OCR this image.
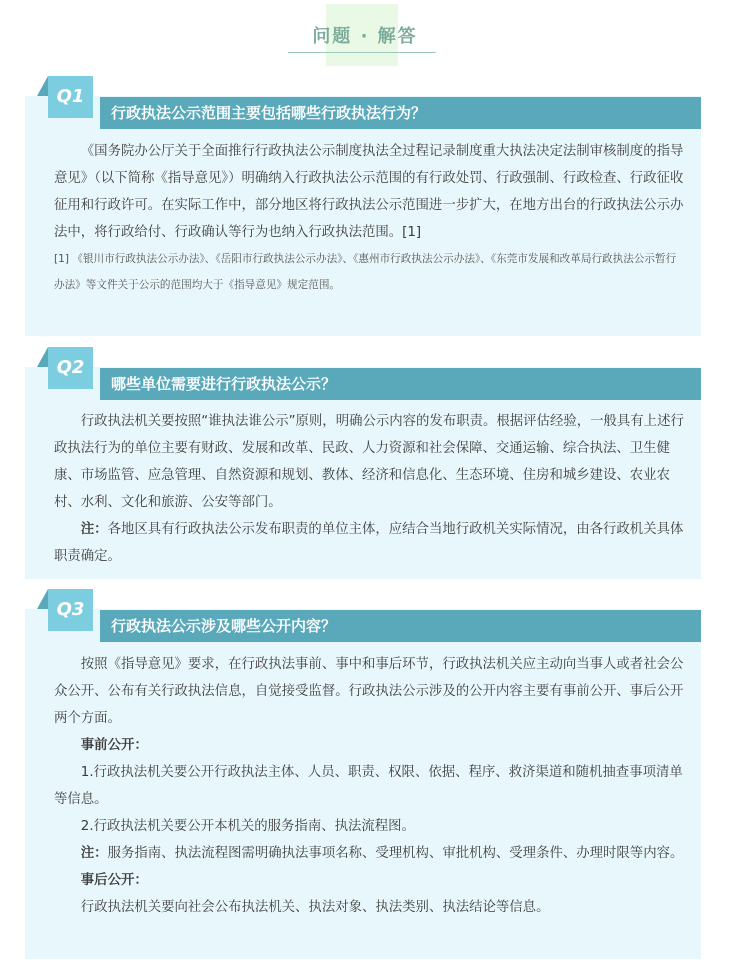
问题 · 解答
Q1
行政执法公示范围主要包括哪些行政执法行为？

《国务院办公厅关于全面推行行政执法公示制度执法全过程记录制度重大执法决定法制审核制度的指导意见》（以下简称《指导意见》）明确纳入行政执法公示范围的有行政处罚、行政强制、行政检查、行政征收征用和行政许可。在实际工作中，部分地区将行政执法公示范围进一步扩大，在地方出台的行政执法公示办法中，将行政给付、行政确认等行为也纳入行政执法范围。[1]

[1] 《银川市行政执法公示办法》、《岳阳市行政执法公示办法》、《惠州市行政执法公示办法》、《东莞市发展和改革局行政执法公示暂行办法》等文件关于公示的范围均大于《指导意见》规定范围。

Q2
哪些单位需要进行行政执法公示？

行政执法机关要按照“谁执法谁公示”原则，明确公示内容的发布职责。根据评估经验，一般具有上述行政执法行为的单位主要有财政、发展和改革、民政、人力资源和社会保障、交通运输、综合执法、卫生健康、市场监管、应急管理、自然资源和规划、教体、经济和信息化、生态环境、住房和城乡建设、农业农村、水利、文化和旅游、公安等部门。

注：各地区具有行政执法公示发布职责的单位主体，应结合当地行政机关实际情况，由各行政机关具体职责确定。

Q3
行政执法公示涉及哪些公开内容？

按照《指导意见》要求，在行政执法事前、事中和事后环节，行政执法机关应主动向当事人或者社会公众公开、公布有关行政执法信息，自觉接受监督。行政执法公示涉及的公开内容主要有事前公开、事后公开两个方面。

事前公开：

1.行政执法机关要公开行政执法主体、人员、职责、权限、依据、程序、救济渠道和随机抽查事项清单等信息。

2.行政执法机关要公开本机关的服务指南、执法流程图。

注：服务指南、执法流程图需明确执法事项名称、受理机构、审批机构、受理条件、办理时限等内容。

事后公开：

行政执法机关要向社会公布执法机关、执法对象、执法类别、执法结论等信息。
